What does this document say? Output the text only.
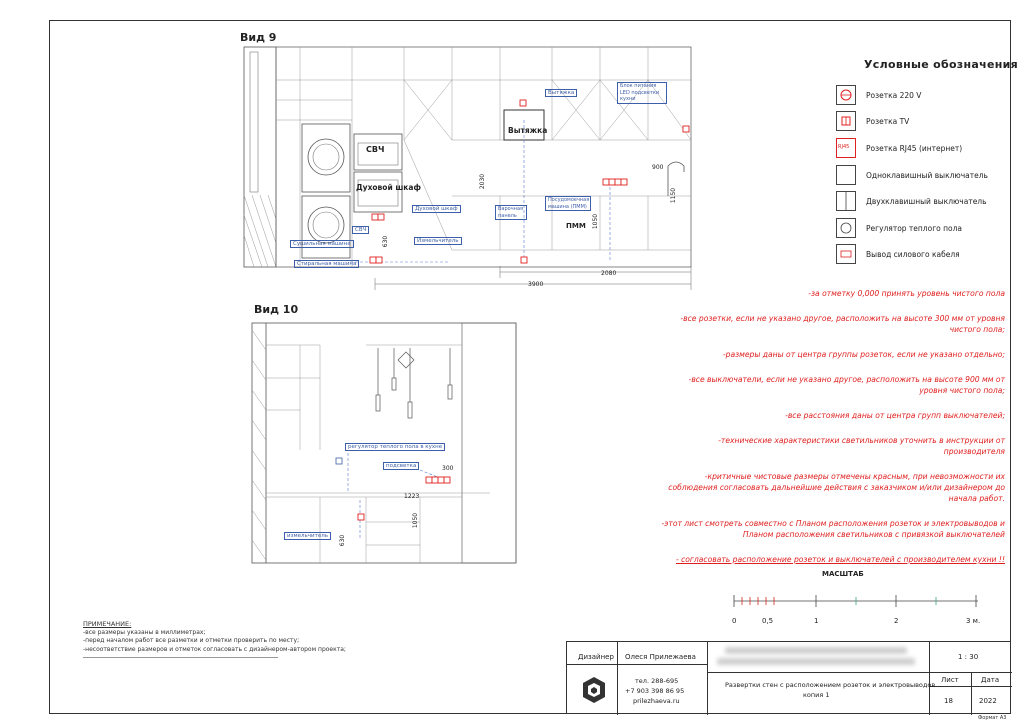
Вид 9
СВЧ
Духовой шкаф
Вытяжка
ПММ
Вытяжка
Блок питания LED подсветки кухни
Посудомоечная машина (ПММ)
Варочная панель
Духовой шкаф
СВЧ
Измельчитель
Сушильная машина
Стиральная машина
900
2030
1150
1050
630
2080
3900
Вид 10
регулятор теплого пола в кухне
подсветка
измельчитель
300
1223
1050
630
Условные обозначения
Розетка 220 V
Розетка TV
RJ45 Розетка RJ45 (интернет)
Одноклавишный выключатель
Двухклавишный выключатель
Регулятор теплого пола
Вывод силового кабеля

-за отметку 0,000 принять уровень чистого пола

-все розетки, если не указано другое, расположить на высоте 300 мм от уровня чистого пола;

-размеры даны от центра группы розеток, если не указано отдельно;

-все выключатели, если не указано другое, расположить на высоте 900 мм от уровня чистого пола;

-все расстояния даны от центра групп выключателей;

-технические характеристики светильников уточнить в инструкции от производителя

-критичные чистовые размеры отмечены красным, при невозможности их соблюдения согласовать дальнейшие действия с заказчиком и/или дизайнером до начала работ.

-этот лист смотреть совместно с Планом расположения розеток и электровыводов и Планом расположения светильников с привязкой выключателей

- согласовать расположение розеток и выключателей с производителем кухни !!

МАСШТАБ
0	0,5	1	2	3 м.
ПРИМЕЧАНИЕ:
-все размеры указаны в миллиметрах;
-перед началом работ все разметки и отметки проверить по месту;
-несоответствие размеров и отметок согласовать с дизайнером-автором проекта;
Дизайнер Олеся Прилежаева
тел. 288-695
+7 903 398 86 95
prilezhaeva.ru
Развертки стен с расположением розеток и электровыводов
копия 1
1 : 30
Лист	Дата
18	2022
Формат А3
